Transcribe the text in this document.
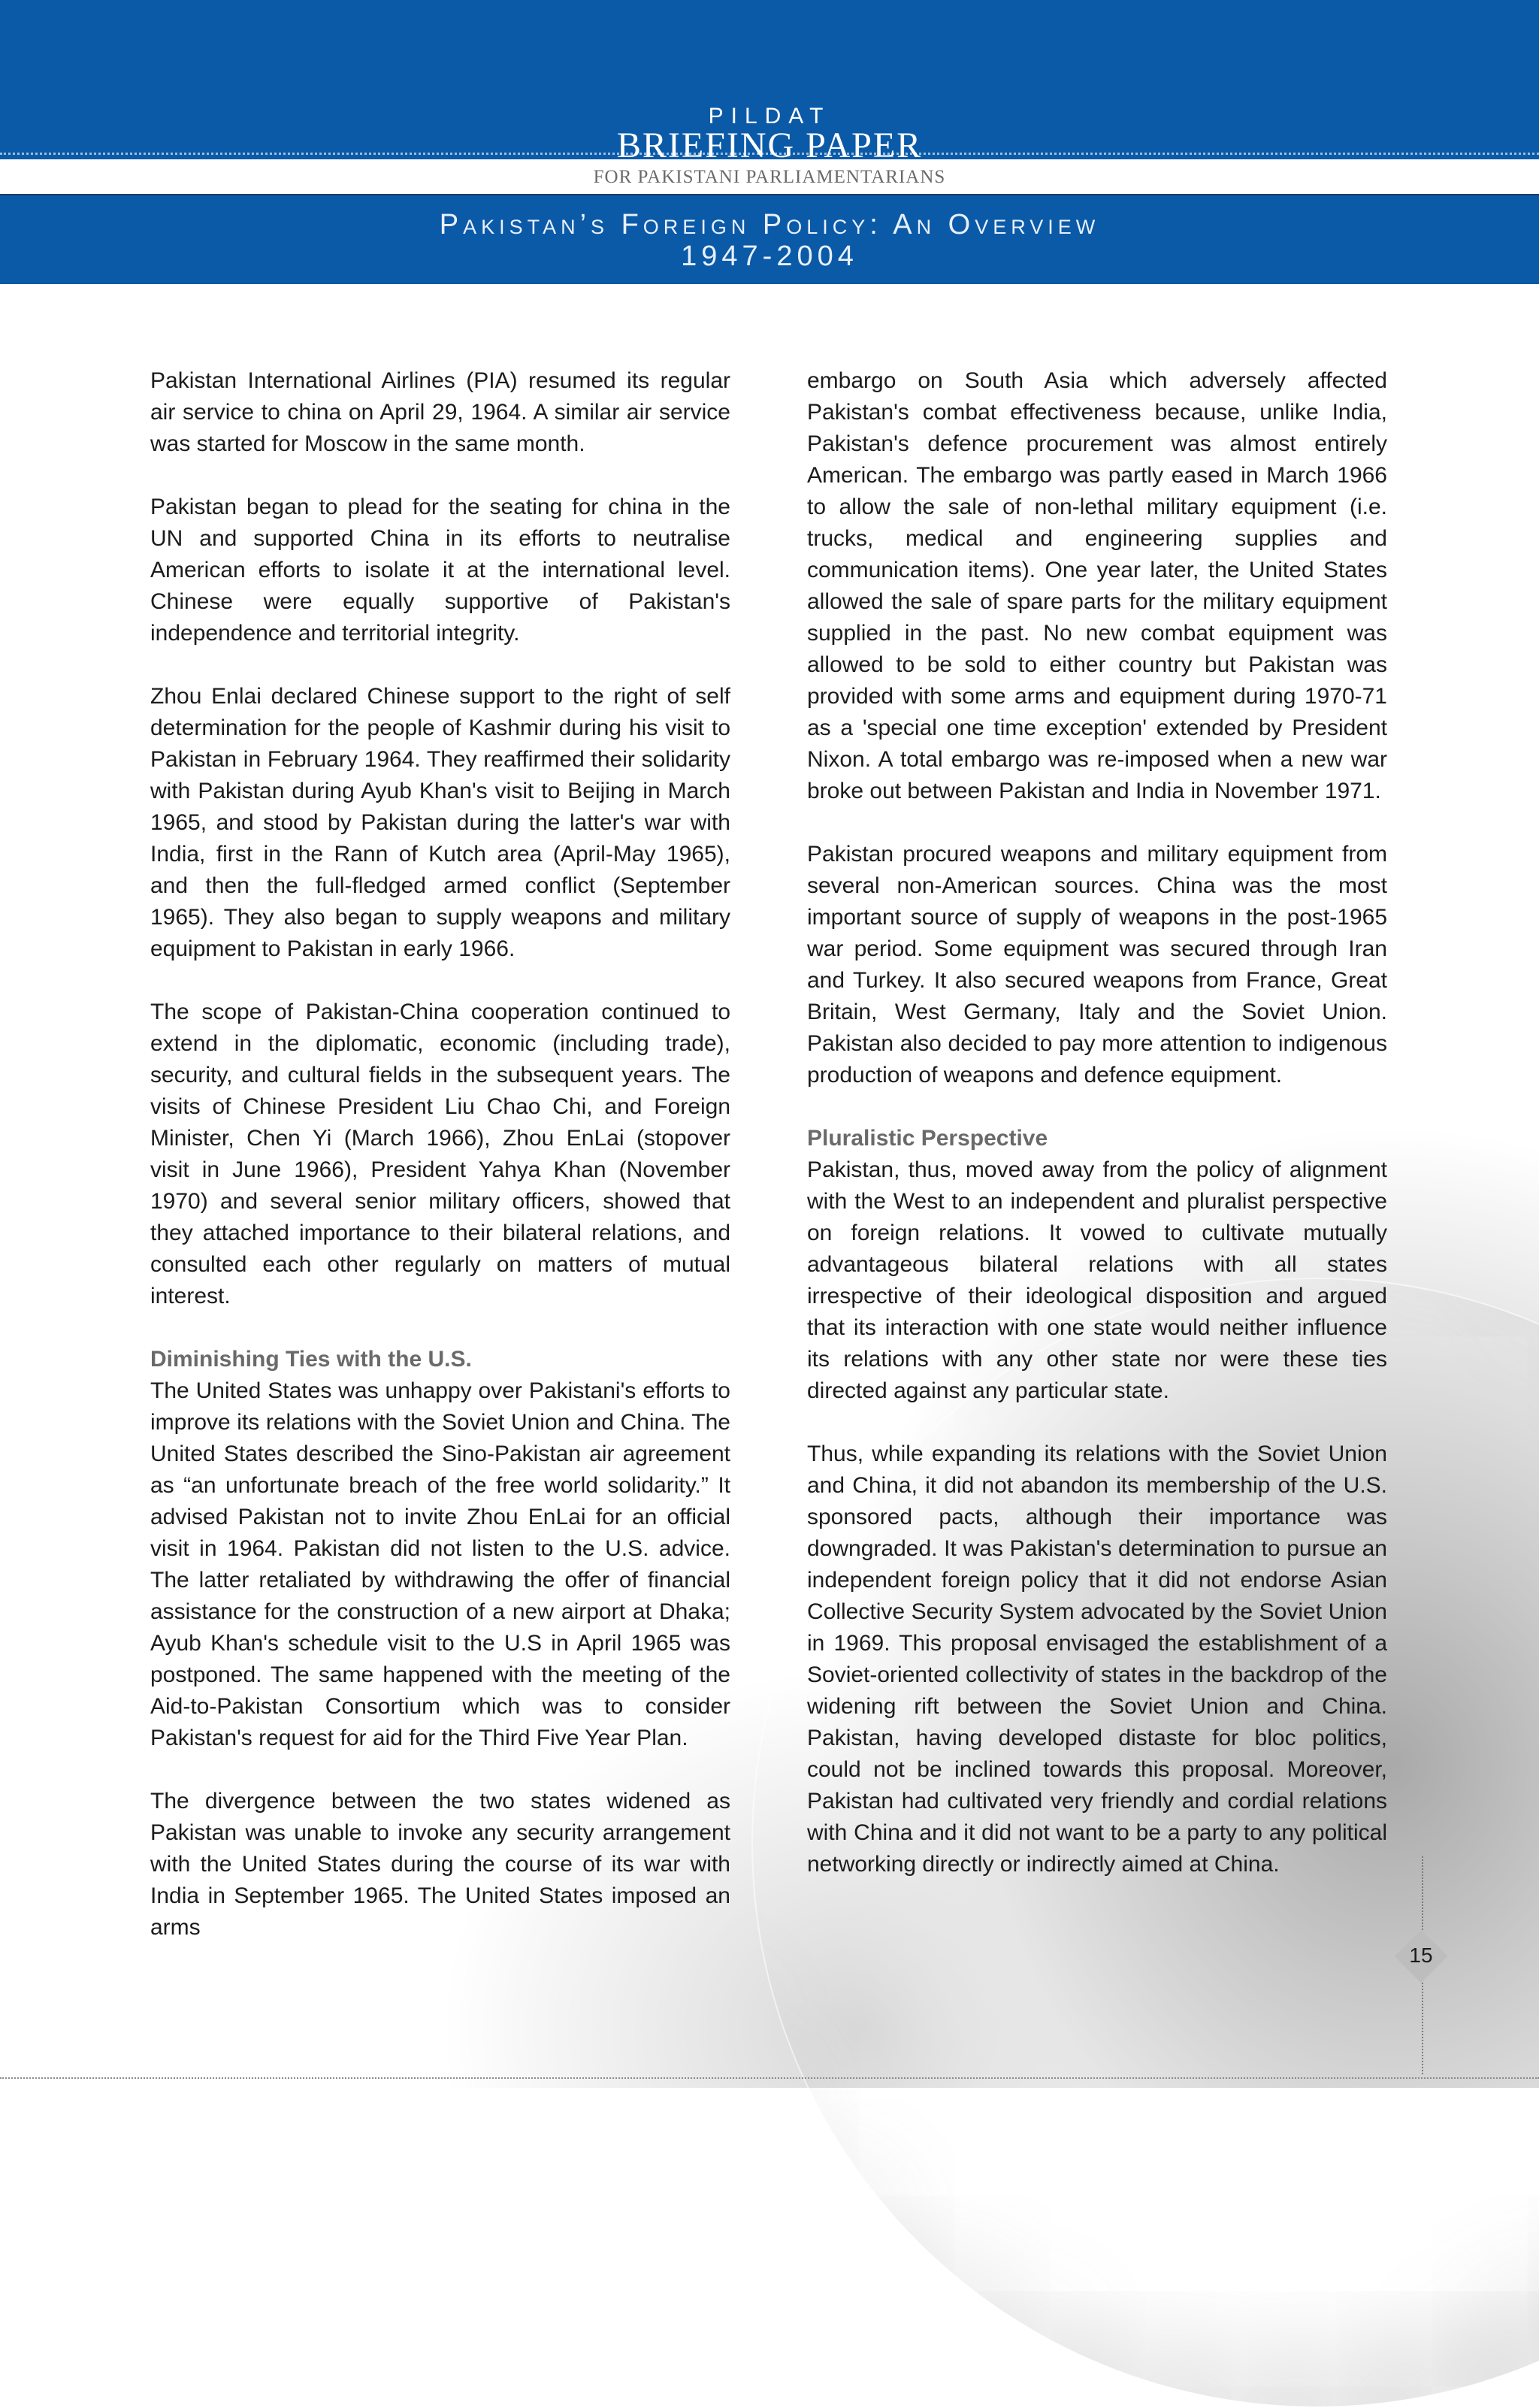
PILDAT
BRIEFING PAPER
FOR PAKISTANI PARLIAMENTARIANS
Pakistan’s Foreign Policy: An Overview
1947-2004

Pakistan International Airlines (PIA) resumed its regular air service to china on April 29, 1964. A similar air service was started for Moscow in the same month.

Pakistan began to plead for the seating for china in the UN and supported China in its efforts to neutralise American efforts to isolate it at the international level. Chinese were equally supportive of Pakistan's independence and territorial integrity.

Zhou Enlai declared Chinese support to the right of self determination for the people of Kashmir during his visit to Pakistan in February 1964. They reaffirmed their solidarity with Pakistan during Ayub Khan's visit to Beijing in March 1965, and stood by Pakistan during the latter's war with India, first in the Rann of Kutch area (April-May 1965), and then the full-fledged armed conflict (September 1965). They also began to supply weapons and military equipment to Pakistan in early 1966.

The scope of Pakistan-China cooperation continued to extend in the diplomatic, economic (including trade), security, and cultural fields in the subsequent years. The visits of Chinese President Liu Chao Chi, and Foreign Minister, Chen Yi (March 1966), Zhou EnLai (stopover visit in June 1966), President Yahya Khan (November 1970) and several senior military officers, showed that they attached importance to their bilateral relations, and consulted each other regularly on matters of mutual interest.

Diminishing Ties with the U.S.

The United States was unhappy over Pakistani's efforts to improve its relations with the Soviet Union and China. The United States described the Sino-Pakistan air agreement as “an unfortunate breach of the free world solidarity.” It advised Pakistan not to invite Zhou EnLai for an official visit in 1964. Pakistan did not listen to the U.S. advice. The latter retaliated by withdrawing the offer of financial assistance for the construction of a new airport at Dhaka; Ayub Khan's schedule visit to the U.S in April 1965 was postponed. The same happened with the meeting of the Aid-to-Pakistan Consortium which was to consider Pakistan's request for aid for the Third Five Year Plan.

The divergence between the two states widened as Pakistan was unable to invoke any security arrangement with the United States during the course of its war with India in September 1965. The United States imposed an arms

embargo on South Asia which adversely affected Pakistan's combat effectiveness because, unlike India, Pakistan's defence procurement was almost entirely American. The embargo was partly eased in March 1966 to allow the sale of non-lethal military equipment (i.e. trucks, medical and engineering supplies and communication items). One year later, the United States allowed the sale of spare parts for the military equipment supplied in the past. No new combat equipment was allowed to be sold to either country but Pakistan was provided with some arms and equipment during 1970-71 as a 'special one time exception' extended by President Nixon. A total embargo was re-imposed when a new war broke out between Pakistan and India in November 1971.

Pakistan procured weapons and military equipment from several non-American sources. China was the most important source of supply of weapons in the post-1965 war period. Some equipment was secured through Iran and Turkey. It also secured weapons from France, Great Britain, West Germany, Italy and the Soviet Union. Pakistan also decided to pay more attention to indigenous production of weapons and defence equipment.

Pluralistic Perspective

Pakistan, thus, moved away from the policy of alignment with the West to an independent and pluralist perspective on foreign relations. It vowed to cultivate mutually advantageous bilateral relations with all states irrespective of their ideological disposition and argued that its interaction with one state would neither influence its relations with any other state nor were these ties directed against any particular state.

Thus, while expanding its relations with the Soviet Union and China, it did not abandon its membership of the U.S. sponsored pacts, although their importance was downgraded. It was Pakistan's determination to pursue an independent foreign policy that it did not endorse Asian Collective Security System advocated by the Soviet Union in 1969. This proposal envisaged the establishment of a Soviet-oriented collectivity of states in the backdrop of the widening rift between the Soviet Union and China. Pakistan, having developed distaste for bloc politics, could not be inclined towards this proposal. Moreover, Pakistan had cultivated very friendly and cordial relations with China and it did not want to be a party to any political networking directly or indirectly aimed at China.

15
